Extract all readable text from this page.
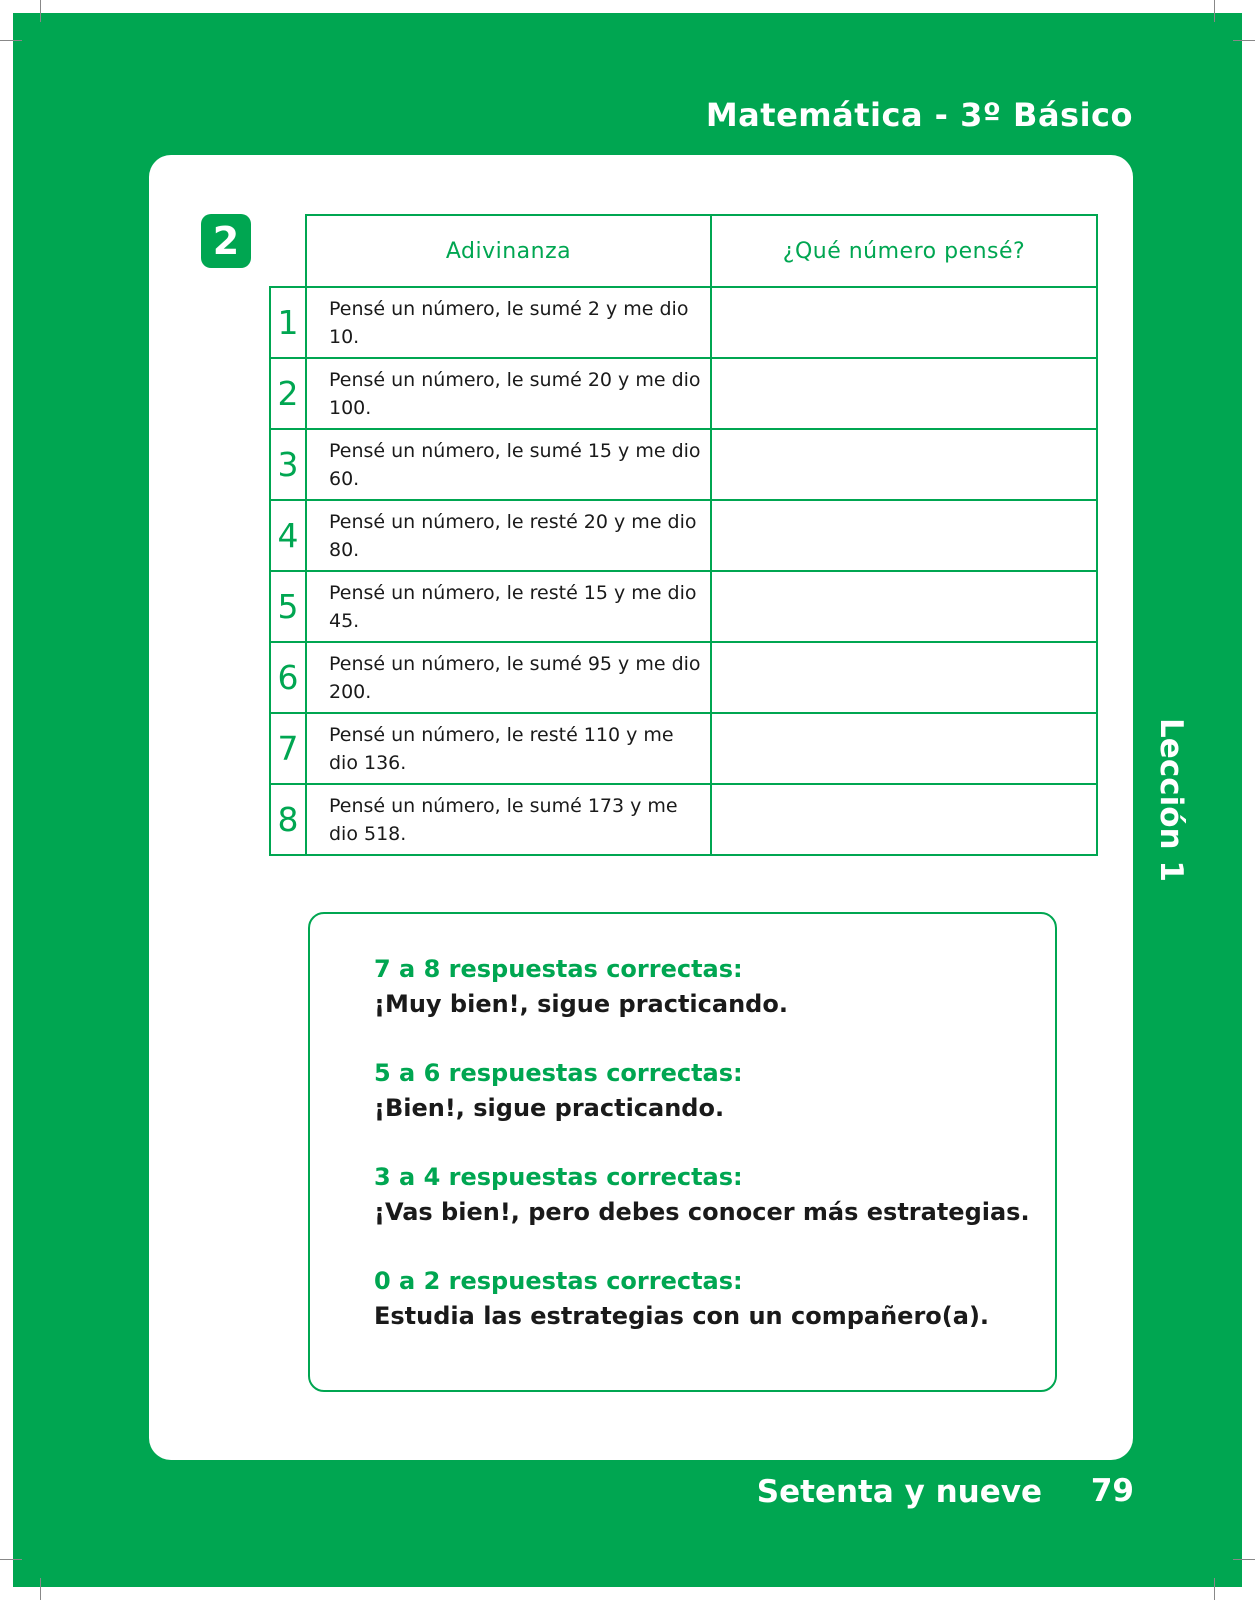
Matemática - 3º Básico
2
		Adivinanza	¿Qué número pensé?
1	Pensé un número, le sumé 2 y me dio 10.	
2	Pensé un número, le sumé 20 y me dio 100.	
3	Pensé un número, le sumé 15 y me dio 60.	
4	Pensé un número, le resté 20 y me dio 80.	
5	Pensé un número, le resté 15 y me dio 45.	
6	Pensé un número, le sumé 95 y me dio 200.	
7	Pensé un número, le resté 110 y me dio 136.	
8	Pensé un número, le sumé 173 y me dio 518.	
7 a 8 respuestas correctas:
¡Muy bien!, sigue practicando.
5 a 6 respuestas correctas:
¡Bien!, sigue practicando.
3 a 4 respuestas correctas:
¡Vas bien!, pero debes conocer más estrategias.
0 a 2 respuestas correctas:
Estudia las estrategias con un compañero(a).
Lección 1
Setenta y nueve 79
